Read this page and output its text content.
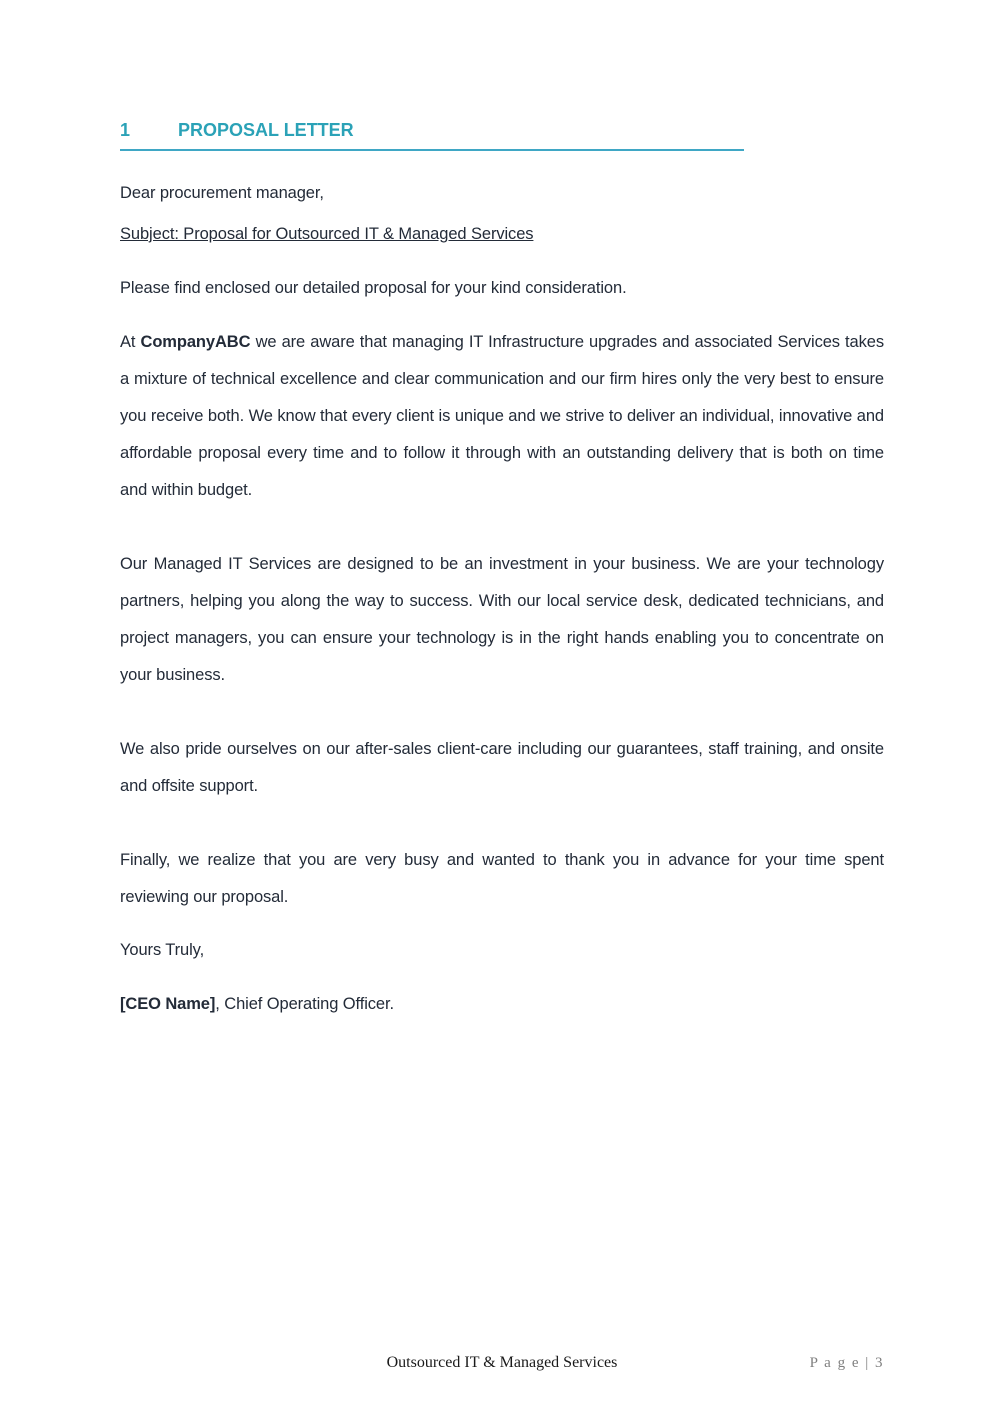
1	PROPOSAL LETTER

Dear procurement manager,

Subject: Proposal for Outsourced IT & Managed Services

Please find enclosed our detailed proposal for your kind consideration.

At CompanyABC we are aware that managing IT Infrastructure upgrades and associated Services takes a mixture of technical excellence and clear communication and our firm hires only the very best to ensure you receive both. We know that every client is unique and we strive to deliver an individual, innovative and affordable proposal every time and to follow it through with an outstanding delivery that is both on time and within budget.

Our Managed IT Services are designed to be an investment in your business. We are your technology partners, helping you along the way to success. With our local service desk, dedicated technicians, and project managers, you can ensure your technology is in the right hands enabling you to concentrate on your business.

We also pride ourselves on our after-sales client-care including our guarantees, staff training, and onsite and offsite support.

Finally, we realize that you are very busy and wanted to thank you in advance for your time spent reviewing our proposal.

Yours Truly,

[CEO Name], Chief Operating Officer.

Outsourced IT & Managed Services	P a g e | 3
